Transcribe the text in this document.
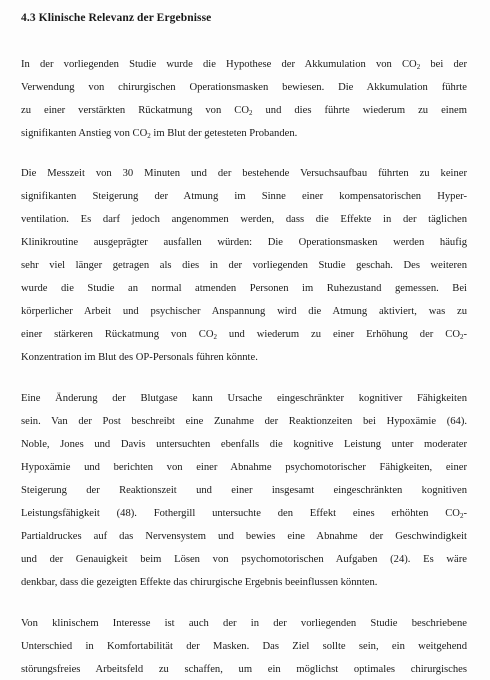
4.3 Klinische Relevanz der Ergebnisse
In der vorliegenden Studie wurde die Hypothese der Akkumulation von $CO_2$ bei der
Verwendung von chirurgischen Operationsmasken bewiesen. Die Akkumulation führte
zu einer verstärkten Rückatmung von $CO_2$ und dies führte wiederum zu einem
signifikanten Anstieg von $CO_2$ im Blut der getesteten Probanden.
Die Messzeit von 30 Minuten und der bestehende Versuchsaufbau führten zu keiner
signifikanten Steigerung der Atmung im Sinne einer kompensatorischen Hyper-
ventilation. Es darf jedoch angenommen werden, dass die Effekte in der täglichen
Klinikroutine ausgeprägter ausfallen würden: Die Operationsmasken werden häufig
sehr viel länger getragen als dies in der vorliegenden Studie geschah. Des weiteren
wurde die Studie an normal atmenden Personen im Ruhezustand gemessen. Bei
körperlicher Arbeit und psychischer Anspannung wird die Atmung aktiviert, was zu
einer stärkeren Rückatmung von $CO_2$ und wiederum zu einer Erhöhung der $CO_2-$
Konzentration im Blut des OP-Personals führen könnte.
Eine Änderung der Blutgase kann Ursache eingeschränkter kognitiver Fähigkeiten
sein. Van der Post beschreibt eine Zunahme der Reaktionzeiten bei Hypoxämie (64).
Noble, Jones und Davis untersuchten ebenfalls die kognitive Leistung unter moderater
Hypoxämie und berichten von einer Abnahme psychomotorischer Fähigkeiten, einer
Steigerung der Reaktionszeit und einer insgesamt eingeschränkten kognitiven
Leistungsfähigkeit (48). Fothergill untersuchte den Effekt eines erhöhten $CO_2-$
Partialdruckes auf das Nervensystem und bewies eine Abnahme der Geschwindigkeit
und der Genauigkeit beim Lösen von psychomotorischen Aufgaben (24). Es wäre
denkbar, dass die gezeigten Effekte das chirurgische Ergebnis beeinflussen könnten.
Von klinischem Interesse ist auch der in der vorliegenden Studie beschriebene
Unterschied in Komfortabilität der Masken. Das Ziel sollte sein, ein weitgehend
störungsfreies Arbeitsfeld zu schaffen, um ein möglichst optimales chirurgisches
